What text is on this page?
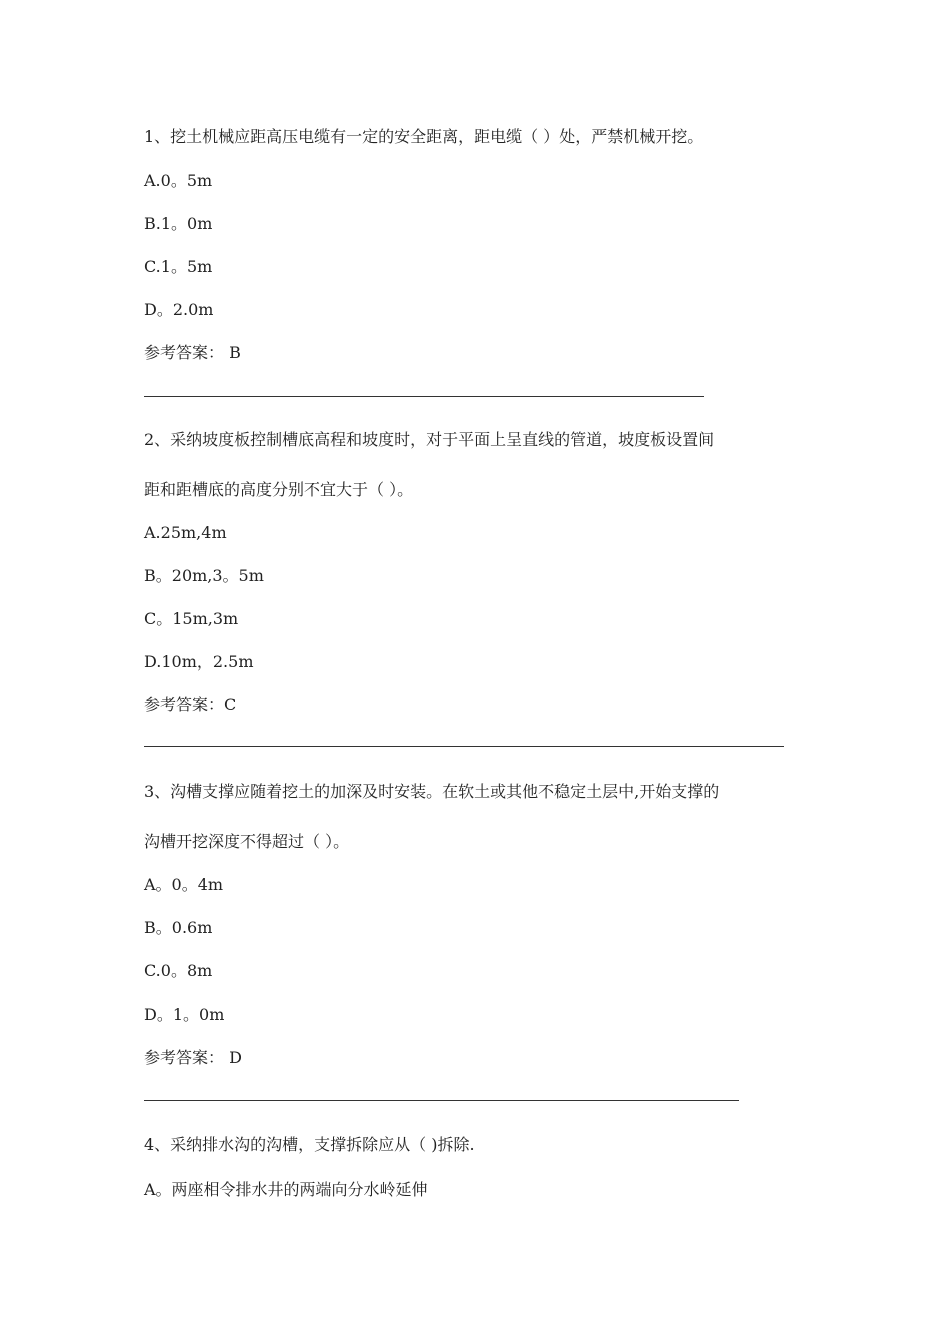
1、挖土机械应距高压电缆有一定的安全距离，距电缆（ ）处，严禁机械开挖。
A.0。5m
B.1。0m
C.1。5m
D。2.0m
参考答案： B
2、采纳坡度板控制槽底高程和坡度时，对于平面上呈直线的管道，坡度板设置间
距和距槽底的高度分别不宜大于（ ）。
A.25m,4m
B。20m,3。5m
C。15m,3m
D.10m，2.5m
参考答案：C
3、沟槽支撑应随着挖土的加深及时安装。在软土或其他不稳定土层中,开始支撑的
沟槽开挖深度不得超过（ ）。
A。0。4m
B。0.6m
C.0。8m
D。1。0m
参考答案： D
4、采纳排水沟的沟槽，支撑拆除应从（ )拆除.
A。两座相令排水井的两端向分水岭延伸
